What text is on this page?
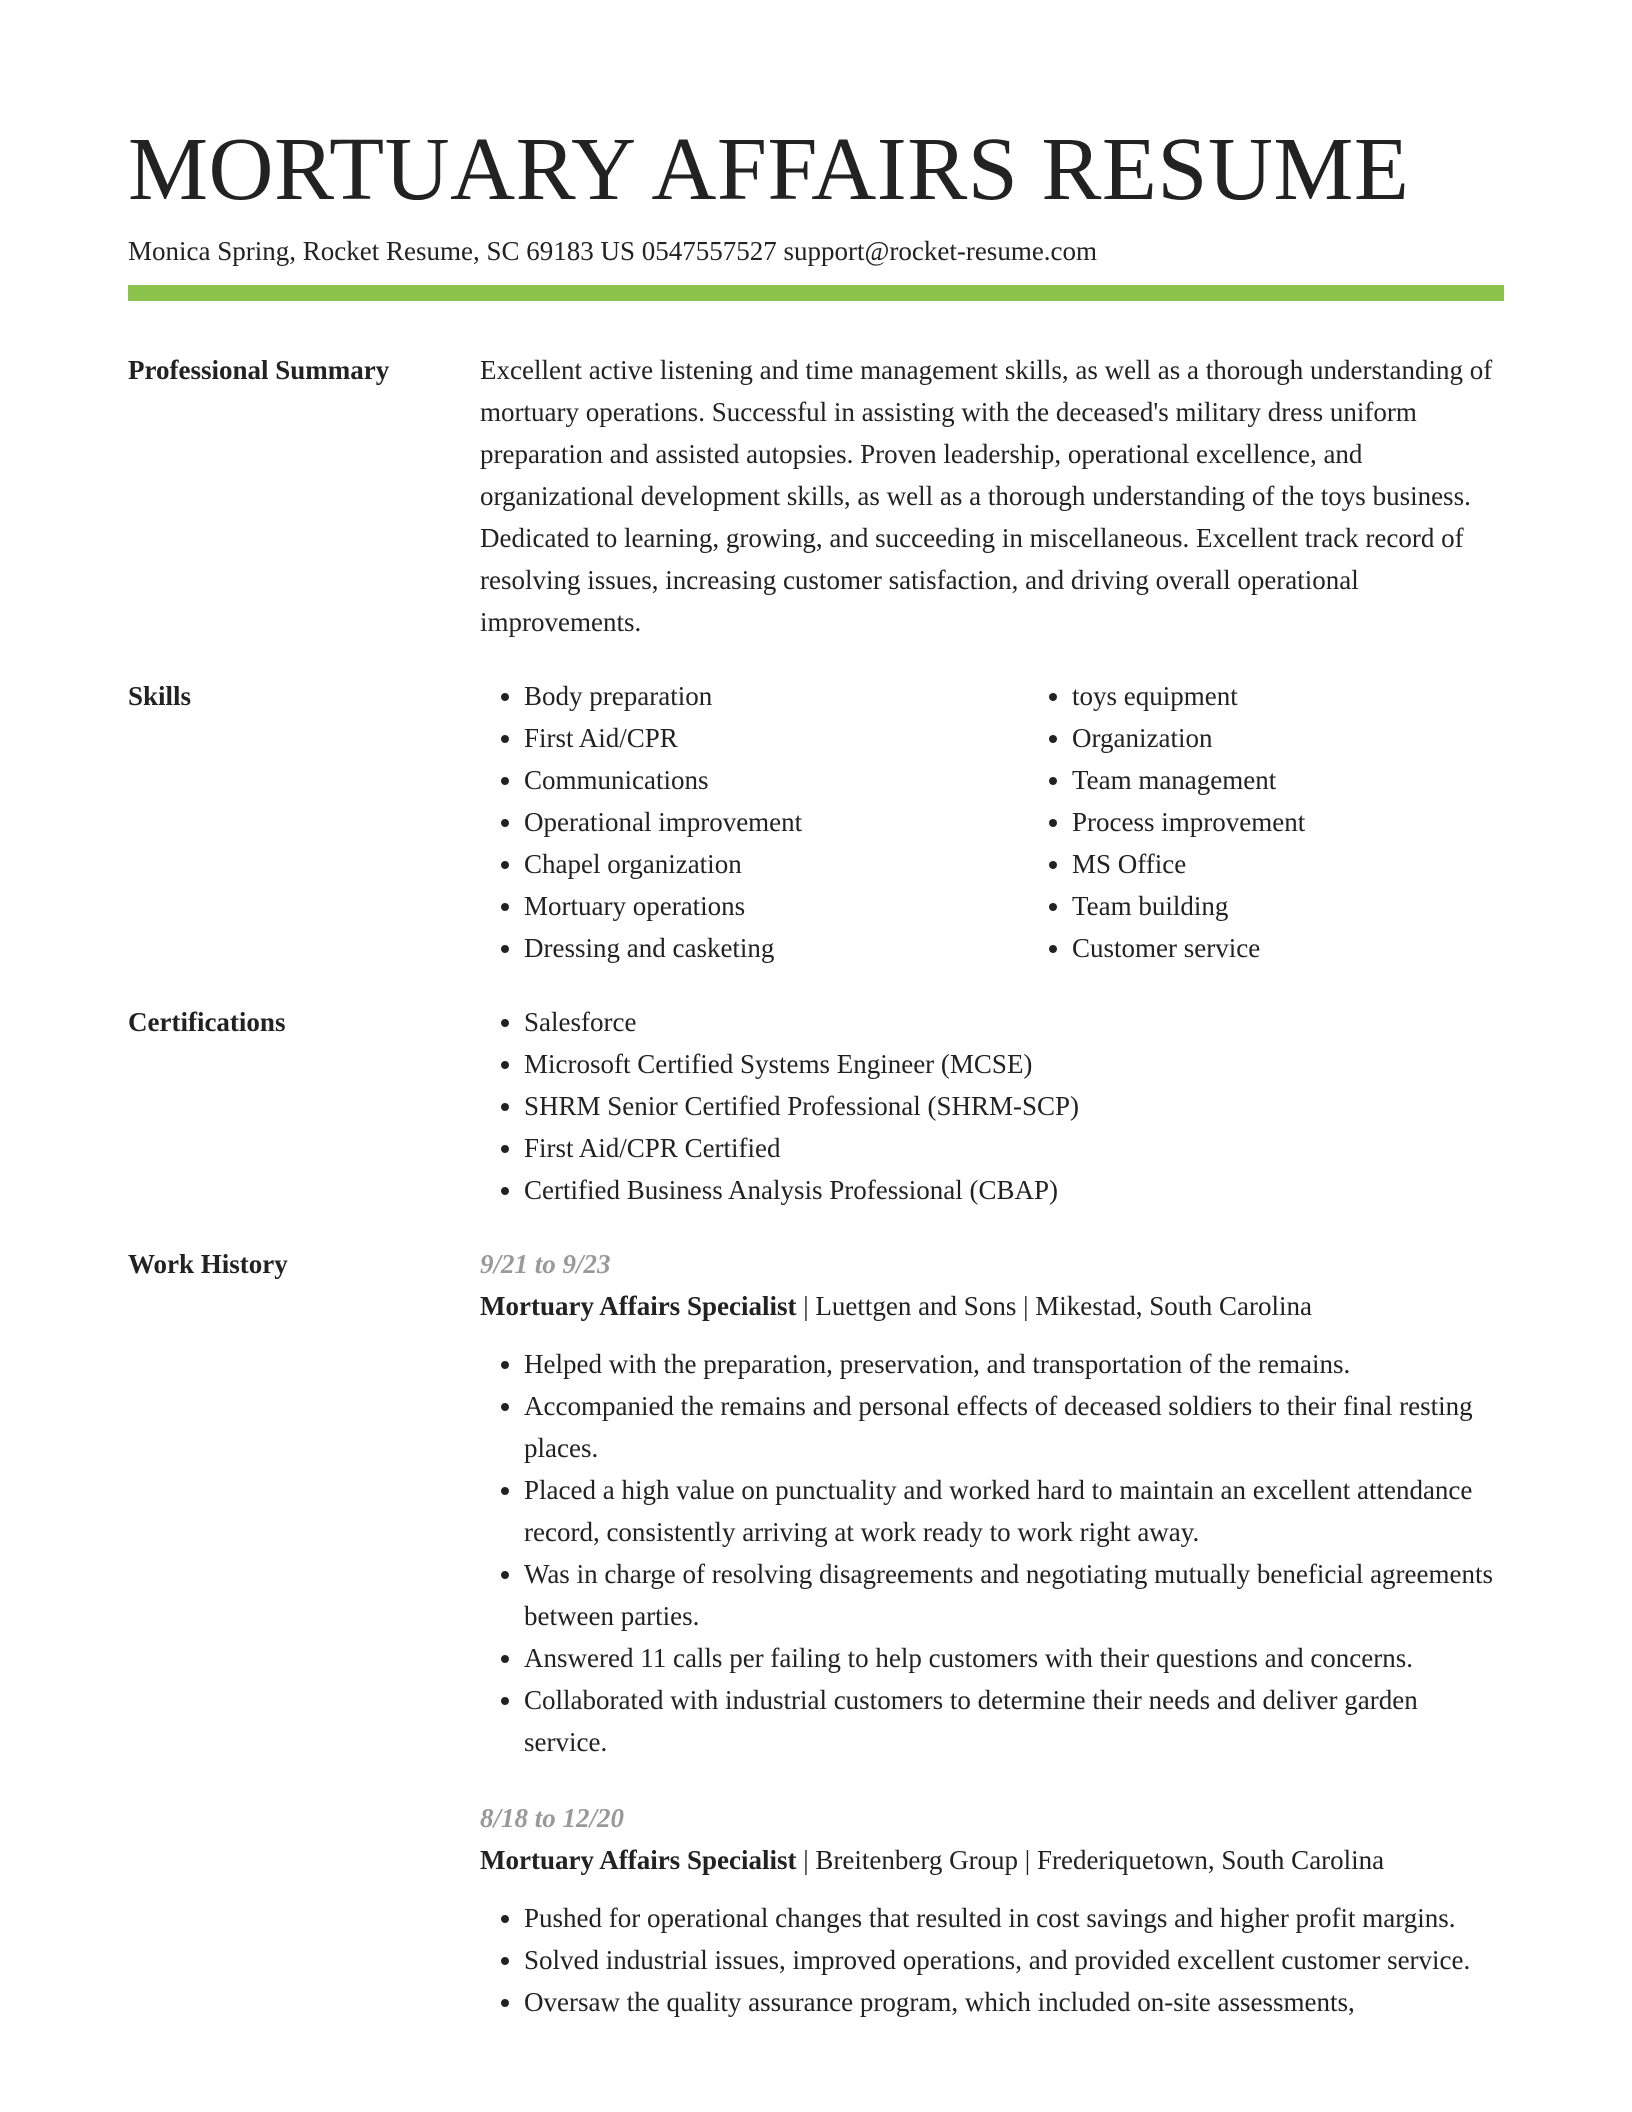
MORTUARY AFFAIRS RESUME
Monica Spring, Rocket Resume, SC 69183 US 0547557527 support@rocket-resume.com
Professional Summary	Excellent active listening and time management skills, as well as a thorough understanding of mortuary operations. Successful in assisting with the deceased's military dress uniform preparation and assisted autopsies. Proven leadership, operational excellence, and organizational development skills, as well as a thorough understanding of the toys business. Dedicated to learning, growing, and succeeding in miscellaneous. Excellent track record of resolving issues, increasing customer satisfaction, and driving overall operational improvements.

Skills	• Body preparation
• First Aid/CPR
• Communications
• Operational improvement
• Chapel organization
• Mortuary operations
• Dressing and casketing
• toys equipment
• Organization
• Team management
• Process improvement
• MS Office
• Team building
• Customer service
Certifications	• Salesforce
• Microsoft Certified Systems Engineer (MCSE)
• SHRM Senior Certified Professional (SHRM-SCP)
• First Aid/CPR Certified
• Certified Business Analysis Professional (CBAP)
Work History	9/21 to 9/23
Mortuary Affairs Specialist | Luettgen and Sons | Mikestad, South Carolina
• Helped with the preparation, preservation, and transportation of the remains.
• Accompanied the remains and personal effects of deceased soldiers to their final resting places.
• Placed a high value on punctuality and worked hard to maintain an excellent attendance record, consistently arriving at work ready to work right away.
• Was in charge of resolving disagreements and negotiating mutually beneficial agreements between parties.
• Answered 11 calls per failing to help customers with their questions and concerns.
• Collaborated with industrial customers to determine their needs and deliver garden service.
8/18 to 12/20
Mortuary Affairs Specialist | Breitenberg Group | Frederiquetown, South Carolina
• Pushed for operational changes that resulted in cost savings and higher profit margins.
• Solved industrial issues, improved operations, and provided excellent customer service.
• Oversaw the quality assurance program, which included on-site assessments,
